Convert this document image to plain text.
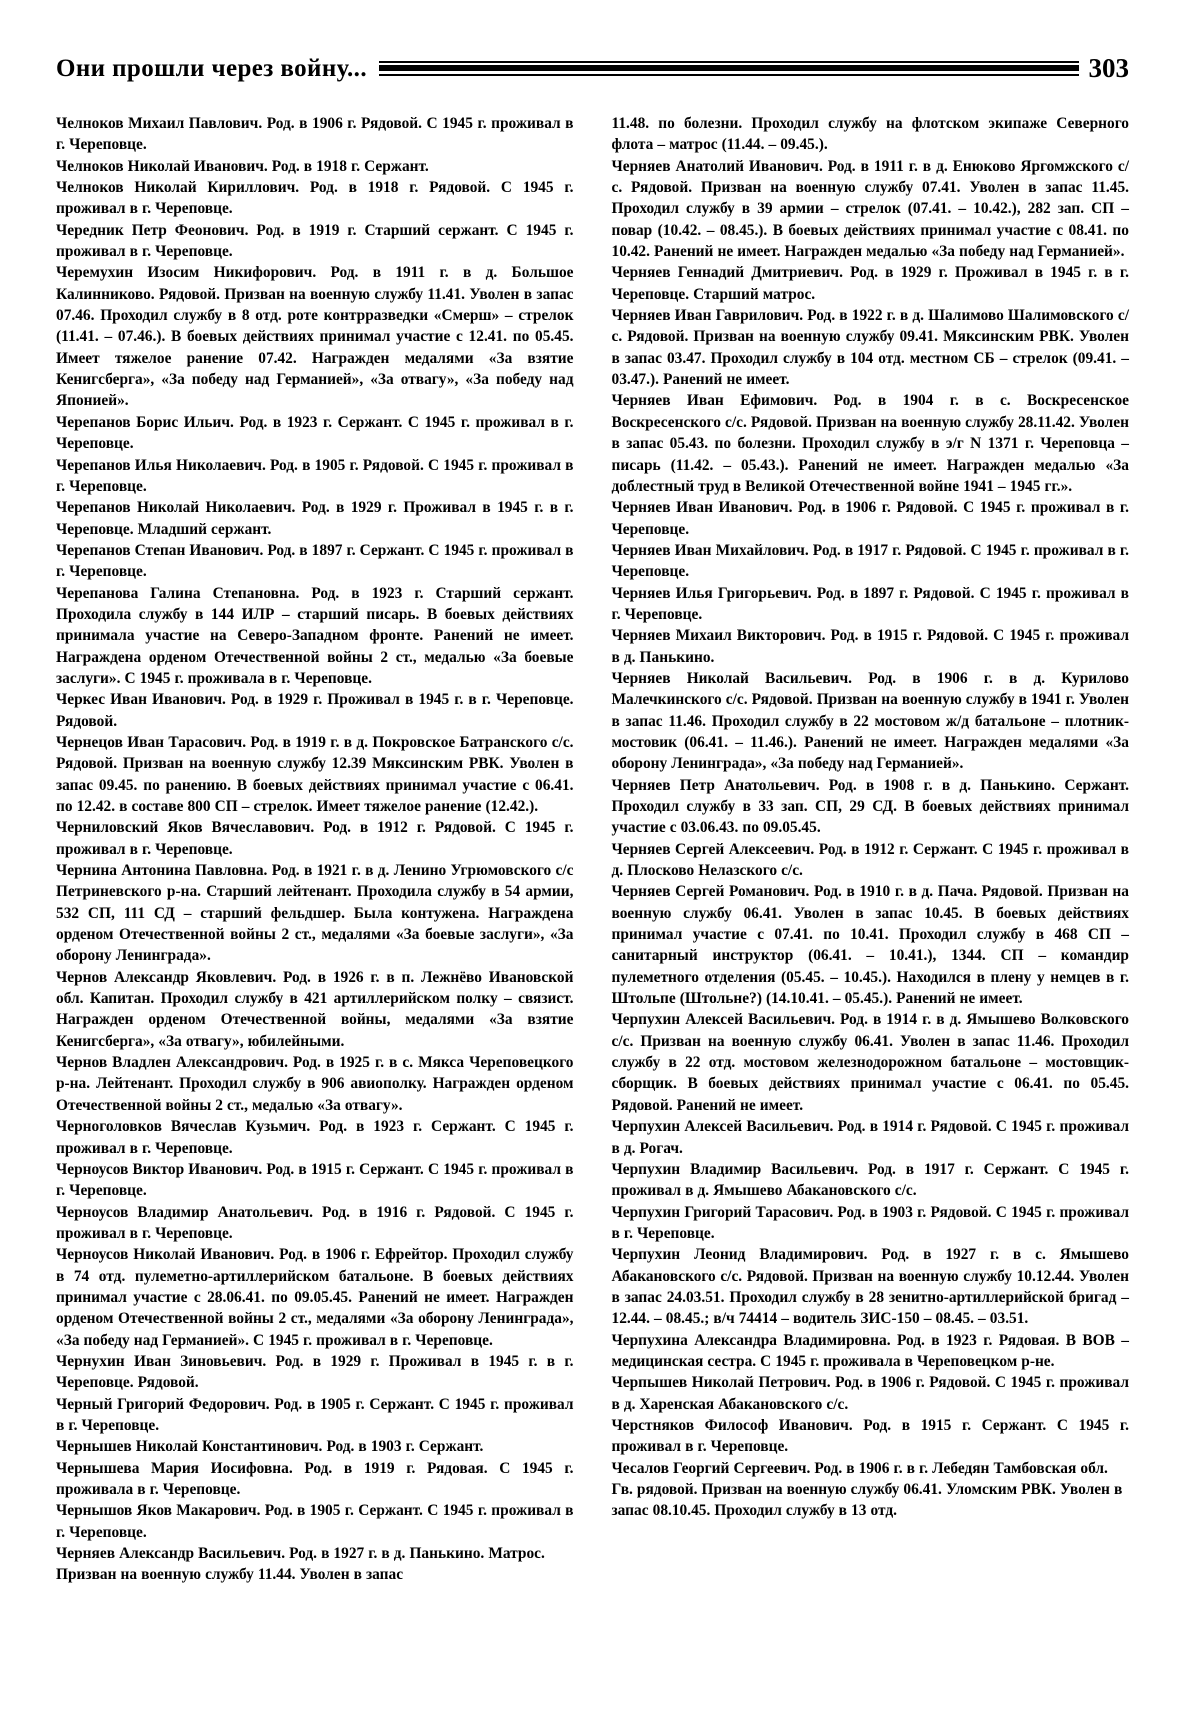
Они прошли через войну...	303

Челноков Михаил Павлович. Род. в 1906 г. Рядовой. С 1945 г. проживал в г. Череповце.

Челноков Николай Иванович. Род. в 1918 г. Сержант.

Челноков Николай Кириллович. Род. в 1918 г. Рядовой. С 1945 г. проживал в г. Череповце.

Чередник Петр Феонович. Род. в 1919 г. Старший сержант. С 1945 г. проживал в г. Череповце.

Черемухин Изосим Никифорович. Род. в 1911 г. в д. Большое Калинниково. Рядовой. Призван на военную службу 11.41. Уволен в запас 07.46. Проходил службу в 8 отд. роте контрразведки «Смерш» – стрелок (11.41. – 07.46.). В боевых действиях принимал участие с 12.41. по 05.45. Имеет тяжелое ранение 07.42. Награжден медалями «За взятие Кенигсберга», «За победу над Германией», «За отвагу», «За победу над Японией».

Черепанов Борис Ильич. Род. в 1923 г. Сержант. С 1945 г. проживал в г. Череповце.

Черепанов Илья Николаевич. Род. в 1905 г. Рядовой. С 1945 г. проживал в г. Череповце.

Черепанов Николай Николаевич. Род. в 1929 г. Проживал в 1945 г. в г. Череповце. Младший сержант.

Черепанов Степан Иванович. Род. в 1897 г. Сержант. С 1945 г. проживал в г. Череповце.

Черепанова Галина Степановна. Род. в 1923 г. Старший сержант. Проходила службу в 144 ИЛР – старший писарь. В боевых действиях принимала участие на Северо-Западном фронте. Ранений не имеет. Награждена орденом Отечественной войны 2 ст., медалью «За боевые заслуги». С 1945 г. проживала в г. Череповце.

Черкес Иван Иванович. Род. в 1929 г. Проживал в 1945 г. в г. Череповце. Рядовой.

Чернецов Иван Тарасович. Род. в 1919 г. в д. Покровское Батранского с/с. Рядовой. Призван на военную службу 12.39 Мяксинским РВК. Уволен в запас 09.45. по ранению. В боевых действиях принимал участие с 06.41. по 12.42. в составе 800 СП – стрелок. Имеет тяжелое ранение (12.42.).

Черниловский Яков Вячеславович. Род. в 1912 г. Рядовой. С 1945 г. проживал в г. Череповце.

Чернина Антонина Павловна. Род. в 1921 г. в д. Ленино Угрюмовского с/с Петриневского р-на. Старший лейтенант. Проходила службу в 54 армии, 532 СП, 111 СД – старший фельдшер. Была контужена. Награждена орденом Отечественной войны 2 ст., медалями «За боевые заслуги», «За оборону Ленинграда».

Чернов Александр Яковлевич. Род. в 1926 г. в п. Лежнёво Ивановской обл. Капитан. Проходил службу в 421 артиллерийском полку – связист. Награжден орденом Отечественной войны, медалями «За взятие Кенигсберга», «За отвагу», юбилейными.

Чернов Владлен Александрович. Род. в 1925 г. в с. Мякса Череповецкого р-на. Лейтенант. Проходил службу в 906 авиополку. Награжден орденом Отечественной войны 2 ст., медалью «За отвагу».

Черноголовков Вячеслав Кузьмич. Род. в 1923 г. Сержант. С 1945 г. проживал в г. Череповце.

Черноусов Виктор Иванович. Род. в 1915 г. Сержант. С 1945 г. проживал в г. Череповце.

Черноусов Владимир Анатольевич. Род. в 1916 г. Рядовой. С 1945 г. проживал в г. Череповце.

Черноусов Николай Иванович. Род. в 1906 г. Ефрейтор. Проходил службу в 74 отд. пулеметно-артиллерийском батальоне. В боевых действиях принимал участие с 28.06.41. по 09.05.45. Ранений не имеет. Награжден орденом Отечественной войны 2 ст., медалями «За оборону Ленинграда», «За победу над Германией». С 1945 г. проживал в г. Череповце.

Чернухин Иван Зиновьевич. Род. в 1929 г. Проживал в 1945 г. в г. Череповце. Рядовой.

Черный Григорий Федорович. Род. в 1905 г. Сержант. С 1945 г. проживал в г. Череповце.

Чернышев Николай Константинович. Род. в 1903 г. Сержант.

Чернышева Мария Иосифовна. Род. в 1919 г. Рядовая. С 1945 г. проживала в г. Череповце.

Чернышов Яков Макарович. Род. в 1905 г. Сержант. С 1945 г. проживал в г. Череповце.

Черняев Александр Васильевич. Род. в 1927 г. в д. Панькино. Матрос. Призван на военную службу 11.44. Уволен в запас

11.48. по болезни. Проходил службу на флотском экипаже Северного флота – матрос (11.44. – 09.45.).

Черняев Анатолий Иванович. Род. в 1911 г. в д. Енюково Яргомжского с/с. Рядовой. Призван на военную службу 07.41. Уволен в запас 11.45. Проходил службу в 39 армии – стрелок (07.41. – 10.42.), 282 зап. СП – повар (10.42. – 08.45.). В боевых действиях принимал участие с 08.41. по 10.42. Ранений не имеет. Награжден медалью «За победу над Германией».

Черняев Геннадий Дмитриевич. Род. в 1929 г. Проживал в 1945 г. в г. Череповце. Старший матрос.

Черняев Иван Гаврилович. Род. в 1922 г. в д. Шалимово Шалимовского с/с. Рядовой. Призван на военную службу 09.41. Мяксинским РВК. Уволен в запас 03.47. Проходил службу в 104 отд. местном СБ – стрелок (09.41. – 03.47.). Ранений не имеет.

Черняев Иван Ефимович. Род. в 1904 г. в с. Воскресенское Воскресенского с/с. Рядовой. Призван на военную службу 28.11.42. Уволен в запас 05.43. по болезни. Проходил службу в э/г N 1371 г. Череповца – писарь (11.42. – 05.43.). Ранений не имеет. Награжден медалью «За доблестный труд в Великой Отечественной войне 1941 – 1945 гг.».

Черняев Иван Иванович. Род. в 1906 г. Рядовой. С 1945 г. проживал в г. Череповце.

Черняев Иван Михайлович. Род. в 1917 г. Рядовой. С 1945 г. проживал в г. Череповце.

Черняев Илья Григорьевич. Род. в 1897 г. Рядовой. С 1945 г. проживал в г. Череповце.

Черняев Михаил Викторович. Род. в 1915 г. Рядовой. С 1945 г. проживал в д. Панькино.

Черняев Николай Васильевич. Род. в 1906 г. в д. Курилово Малечкинского с/с. Рядовой. Призван на военную службу в 1941 г. Уволен в запас 11.46. Проходил службу в 22 мостовом ж/д батальоне – плотник-мостовик (06.41. – 11.46.). Ранений не имеет. Награжден медалями «За оборону Ленинграда», «За победу над Германией».

Черняев Петр Анатольевич. Род. в 1908 г. в д. Панькино. Сержант. Проходил службу в 33 зап. СП, 29 СД. В боевых действиях принимал участие с 03.06.43. по 09.05.45.

Черняев Сергей Алексеевич. Род. в 1912 г. Сержант. С 1945 г. проживал в д. Плосково Нелазского с/с.

Черняев Сергей Романович. Род. в 1910 г. в д. Пача. Рядовой. Призван на военную службу 06.41. Уволен в запас 10.45. В боевых действиях принимал участие с 07.41. по 10.41. Проходил службу в 468 СП – санитарный инструктор (06.41. – 10.41.), 1344. СП – командир пулеметного отделения (05.45. – 10.45.). Находился в плену у немцев в г. Штольпе (Штольне?) (14.10.41. – 05.45.). Ранений не имеет.

Черпухин Алексей Васильевич. Род. в 1914 г. в д. Ямышево Волковского с/с. Призван на военную службу 06.41. Уволен в запас 11.46. Проходил службу в 22 отд. мостовом железнодорожном батальоне – мостовщик-сборщик. В боевых действиях принимал участие с 06.41. по 05.45. Рядовой. Ранений не имеет.

Черпухин Алексей Васильевич. Род. в 1914 г. Рядовой. С 1945 г. проживал в д. Рогач.

Черпухин Владимир Васильевич. Род. в 1917 г. Сержант. С 1945 г. проживал в д. Ямышево Абакановского с/с.

Черпухин Григорий Тарасович. Род. в 1903 г. Рядовой. С 1945 г. проживал в г. Череповце.

Черпухин Леонид Владимирович. Род. в 1927 г. в с. Ямышево Абакановского с/с. Рядовой. Призван на военную службу 10.12.44. Уволен в запас 24.03.51. Проходил службу в 28 зенитно-артиллерийской бригад – 12.44. – 08.45.; в/ч 74414 – водитель ЗИС-150 – 08.45. – 03.51.

Черпухина Александра Владимировна. Род. в 1923 г. Рядовая. В ВОВ – медицинская сестра. С 1945 г. проживала в Череповецком р-не.

Черпышев Николай Петрович. Род. в 1906 г. Рядовой. С 1945 г. проживал в д. Харенская Абакановского с/с.

Черстняков Философ Иванович. Род. в 1915 г. Сержант. С 1945 г. проживал в г. Череповце.

Чесалов Георгий Сергеевич. Род. в 1906 г. в г. Лебедян Тамбовская обл. Гв. рядовой. Призван на военную службу 06.41. Уломским РВК. Уволен в запас 08.10.45. Проходил службу в 13 отд.
